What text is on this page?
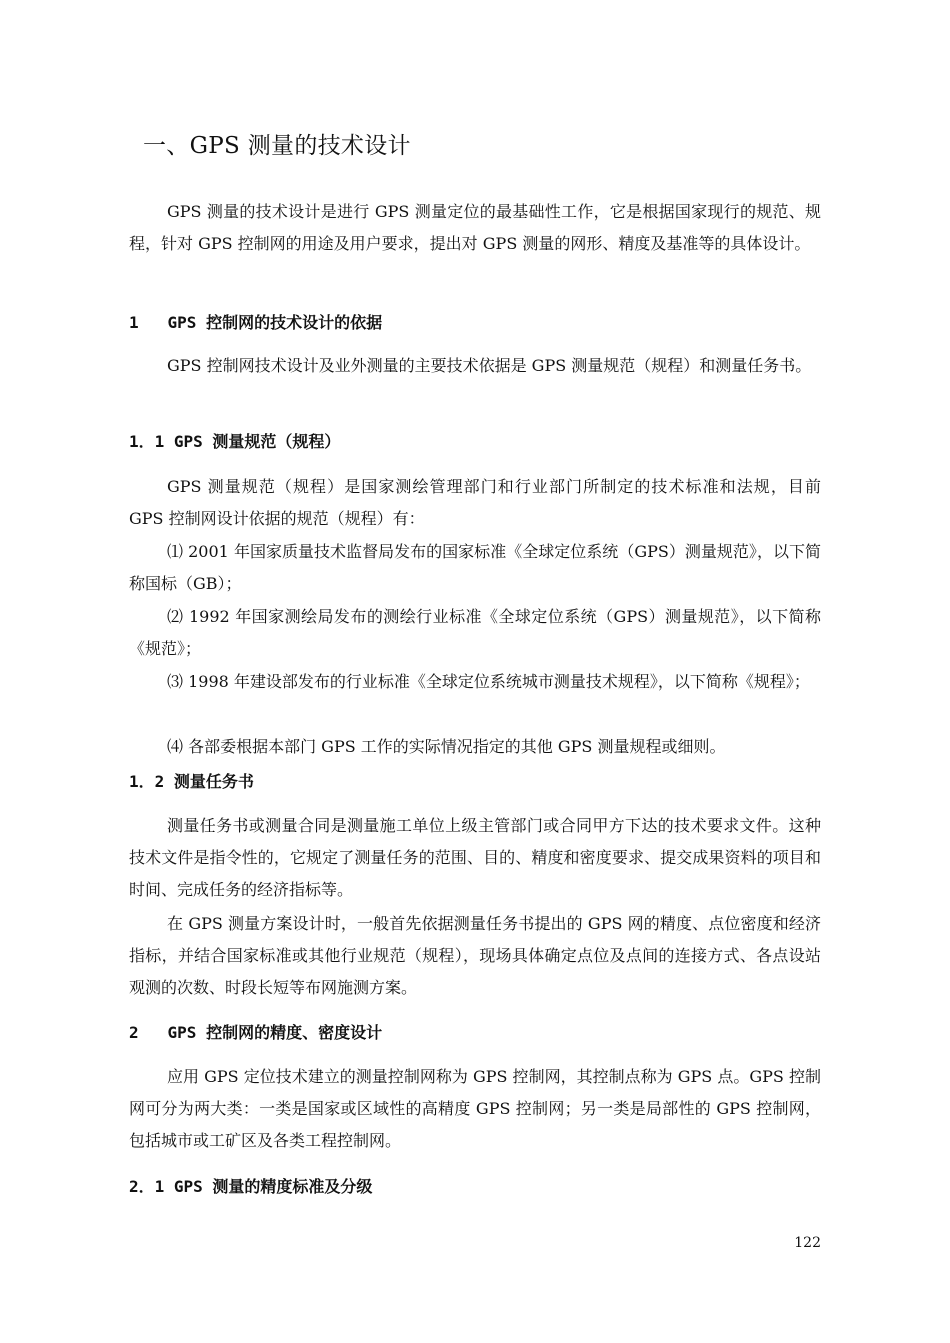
一、GPS 测量的技术设计

GPS 测量的技术设计是进行 GPS 测量定位的最基础性工作，它是根据国家现行的规范、规程，针对 GPS 控制网的用途及用户要求，提出对 GPS 测量的网形、精度及基准等的具体设计。

1   GPS 控制网的技术设计的依据

GPS 控制网技术设计及业外测量的主要技术依据是 GPS 测量规范（规程）和测量任务书。

1．1 GPS 测量规范（规程）

GPS 测量规范（规程）是国家测绘管理部门和行业部门所制定的技术标准和法规，目前 GPS 控制网设计依据的规范（规程）有：

⑴ 2001 年国家质量技术监督局发布的国家标准《全球定位系统（GPS）测量规范》，以下简称国标（GB）；

⑵ 1992 年国家测绘局发布的测绘行业标准《全球定位系统（GPS）测量规范》，以下简称《规范》；

⑶ 1998 年建设部发布的行业标准《全球定位系统城市测量技术规程》，以下简称《规程》；

⑷ 各部委根据本部门 GPS 工作的实际情况指定的其他 GPS 测量规程或细则。

1．2 测量任务书

测量任务书或测量合同是测量施工单位上级主管部门或合同甲方下达的技术要求文件。这种技术文件是指令性的，它规定了测量任务的范围、目的、精度和密度要求、提交成果资料的项目和时间、完成任务的经济指标等。

在 GPS 测量方案设计时，一般首先依据测量任务书提出的 GPS 网的精度、点位密度和经济指标，并结合国家标准或其他行业规范（规程），现场具体确定点位及点间的连接方式、各点设站观测的次数、时段长短等布网施测方案。

2   GPS 控制网的精度、密度设计

应用 GPS 定位技术建立的测量控制网称为 GPS 控制网，其控制点称为 GPS 点。GPS 控制网可分为两大类：一类是国家或区域性的高精度 GPS 控制网；另一类是局部性的 GPS 控制网，包括城市或工矿区及各类工程控制网。

2．1 GPS 测量的精度标准及分级
122
